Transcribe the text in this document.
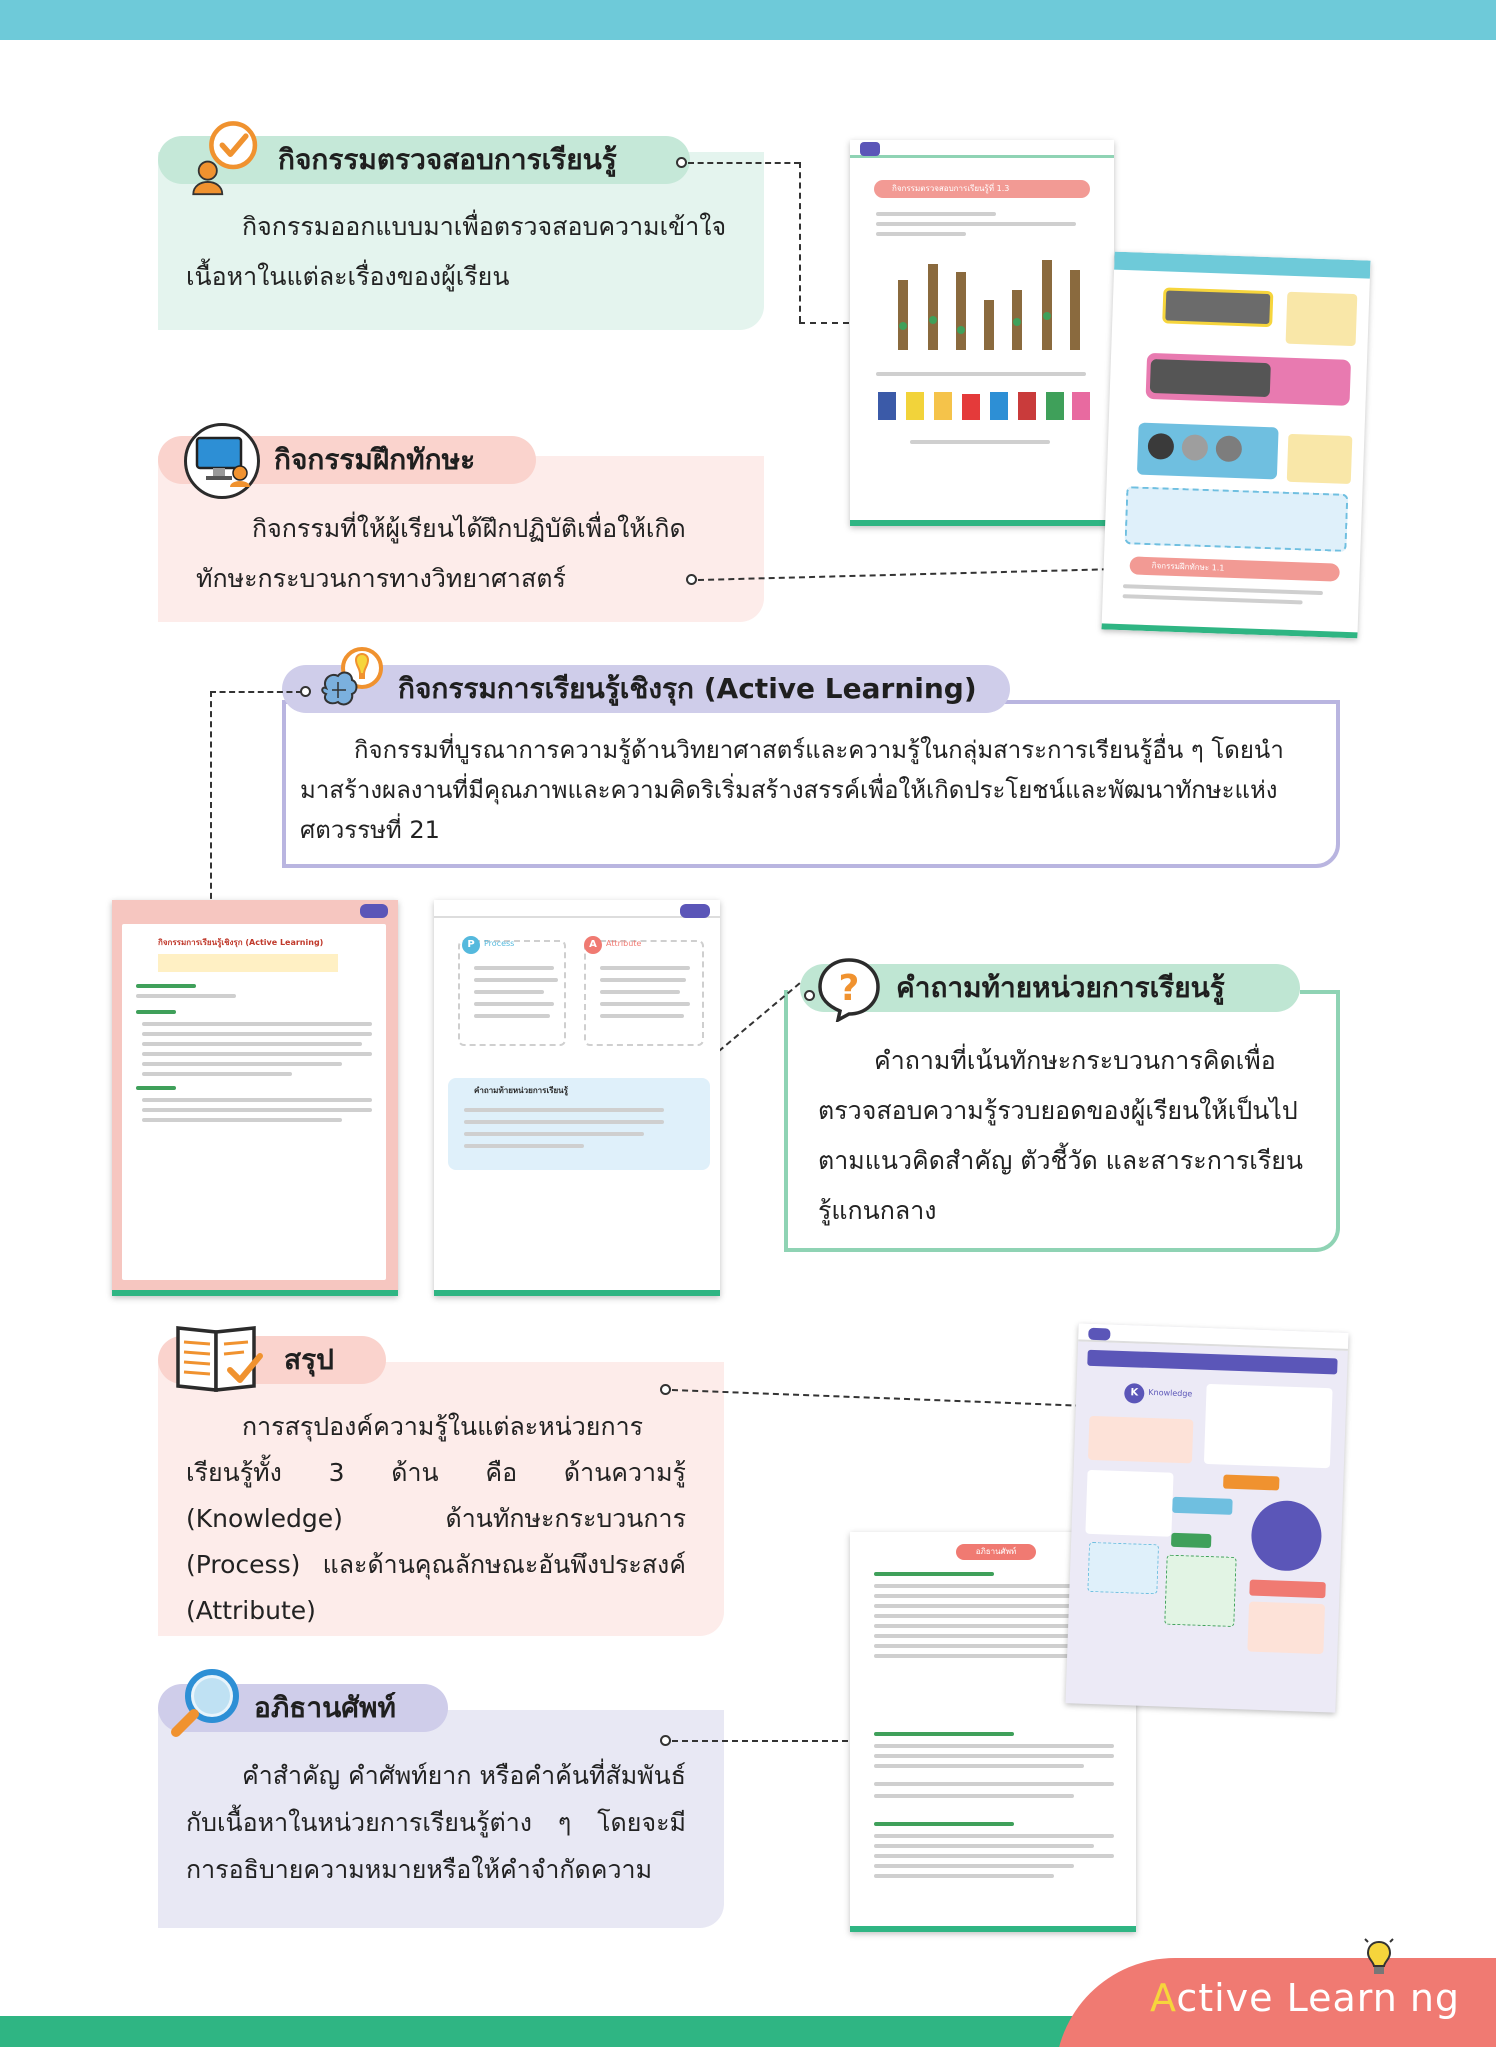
กิจกรรมตรวจสอบการเรียนรู้
กิจกรรมออกแบบมาเพื่อตรวจสอบความเข้าใจเนื้อหาในแต่ละเรื่องของผู้เรียน
กิจกรรมฝึกทักษะ
กิจกรรมที่ให้ผู้เรียนได้ฝึกปฏิบัติเพื่อให้เกิดทักษะกระบวนการทางวิทยาศาสตร์
กิจกรรมการเรียนรู้เชิงรุก (Active Learning)
กิจกรรมที่บูรณาการความรู้ด้านวิทยาศาสตร์และความรู้ในกลุ่มสาระการเรียนรู้อื่น ๆ โดยนำมาสร้างผลงานที่มีคุณภาพและความคิดริเริ่มสร้างสรรค์เพื่อให้เกิดประโยชน์และพัฒนาทักษะแห่งศตวรรษที่ 21
คำถามท้ายหน่วยการเรียนรู้
?
คำถามที่เน้นทักษะกระบวนการคิดเพื่อตรวจสอบความรู้รวบยอดของผู้เรียนให้เป็นไปตามแนวคิดสำคัญ ตัวชี้วัด และสาระการเรียนรู้แกนกลาง
สรุป
การสรุปองค์ความรู้ในแต่ละหน่วยการเรียนรู้ทั้ง 3 ด้าน คือ ด้านความรู้ (Knowledge) ด้านทักษะกระบวนการ (Process) และด้านคุณลักษณะอันพึงประสงค์ (Attribute)
อภิธานศัพท์
คำสำคัญ คำศัพท์ยาก หรือคำค้นที่สัมพันธ์กับเนื้อหาในหน่วยการเรียนรู้ต่าง ๆ โดยจะมีการอธิบายความหมายหรือให้คำจำกัดความ
กิจกรรมตรวจสอบการเรียนรู้ที่ 1.3
กิจกรรมฝึกทักษะ 1.1
กิจกรรมการเรียนรู้เชิงรุก (Active Learning)	P	Process	A	Attribute
คำถามท้ายหน่วยการเรียนรู้
อภิธานศัพท์
K	Knowledge
Active Learn ng
